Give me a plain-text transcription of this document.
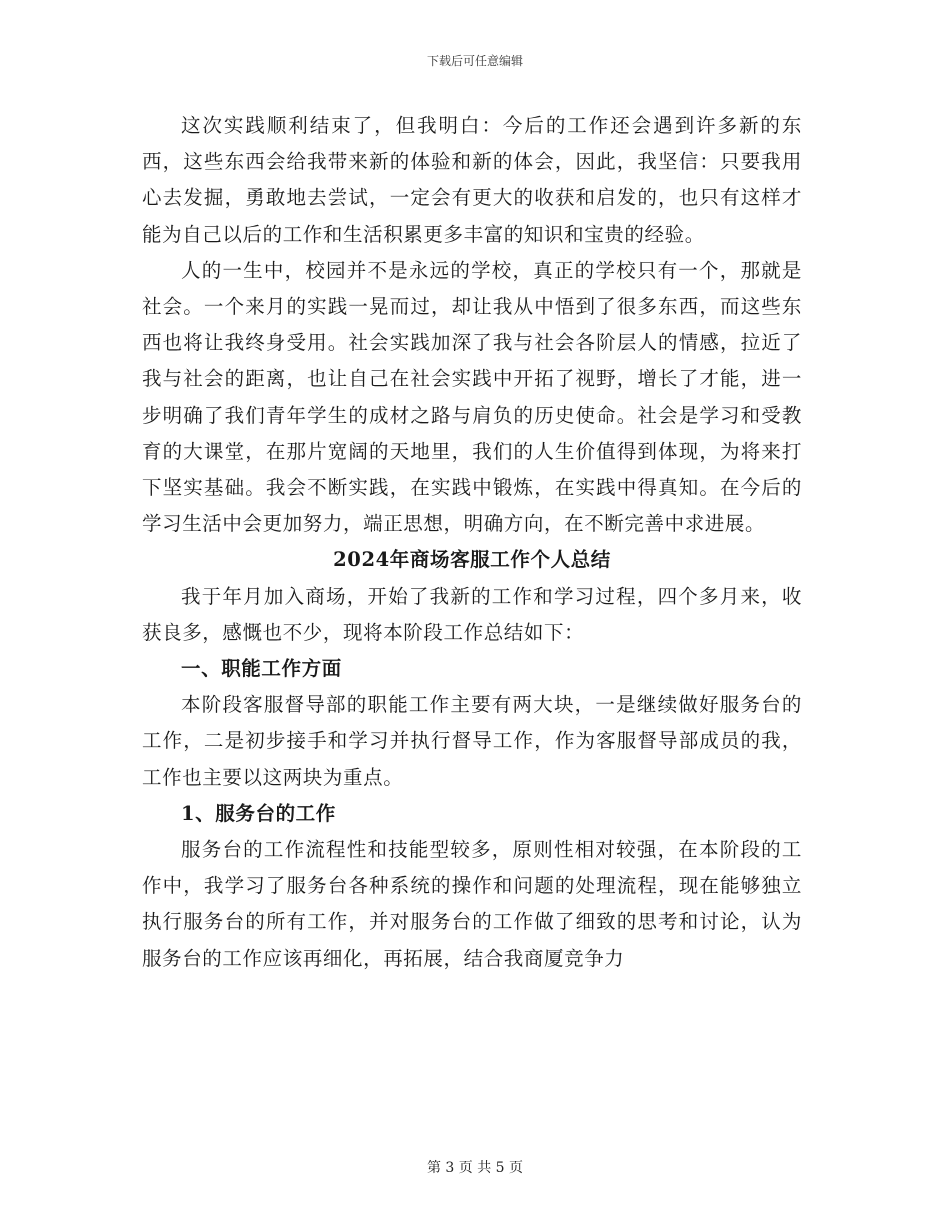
下载后可任意编辑

这次实践顺利结束了，但我明白：今后的工作还会遇到许多新的东西，这些东西会给我带来新的体验和新的体会，因此，我坚信：只要我用心去发掘，勇敢地去尝试，一定会有更大的收获和启发的，也只有这样才能为自己以后的工作和生活积累更多丰富的知识和宝贵的经验。

人的一生中，校园并不是永远的学校，真正的学校只有一个，那就是社会。一个来月的实践一晃而过，却让我从中悟到了很多东西，而这些东西也将让我终身受用。社会实践加深了我与社会各阶层人的情感，拉近了我与社会的距离，也让自己在社会实践中开拓了视野，增长了才能，进一步明确了我们青年学生的成材之路与肩负的历史使命。社会是学习和受教育的大课堂，在那片宽阔的天地里，我们的人生价值得到体现，为将来打下坚实基础。我会不断实践，在实践中锻炼，在实践中得真知。在今后的学习生活中会更加努力，端正思想，明确方向，在不断完善中求进展。

2024年商场客服工作个人总结

我于年月加入商场，开始了我新的工作和学习过程，四个多月来，收获良多，感慨也不少，现将本阶段工作总结如下：

一、职能工作方面

本阶段客服督导部的职能工作主要有两大块，一是继续做好服务台的工作，二是初步接手和学习并执行督导工作，作为客服督导部成员的我，工作也主要以这两块为重点。

1、服务台的工作

服务台的工作流程性和技能型较多，原则性相对较强，在本阶段的工作中，我学习了服务台各种系统的操作和问题的处理流程，现在能够独立执行服务台的所有工作，并对服务台的工作做了细致的思考和讨论，认为服务台的工作应该再细化，再拓展，结合我商厦竞争力

第 3 页 共 5 页
